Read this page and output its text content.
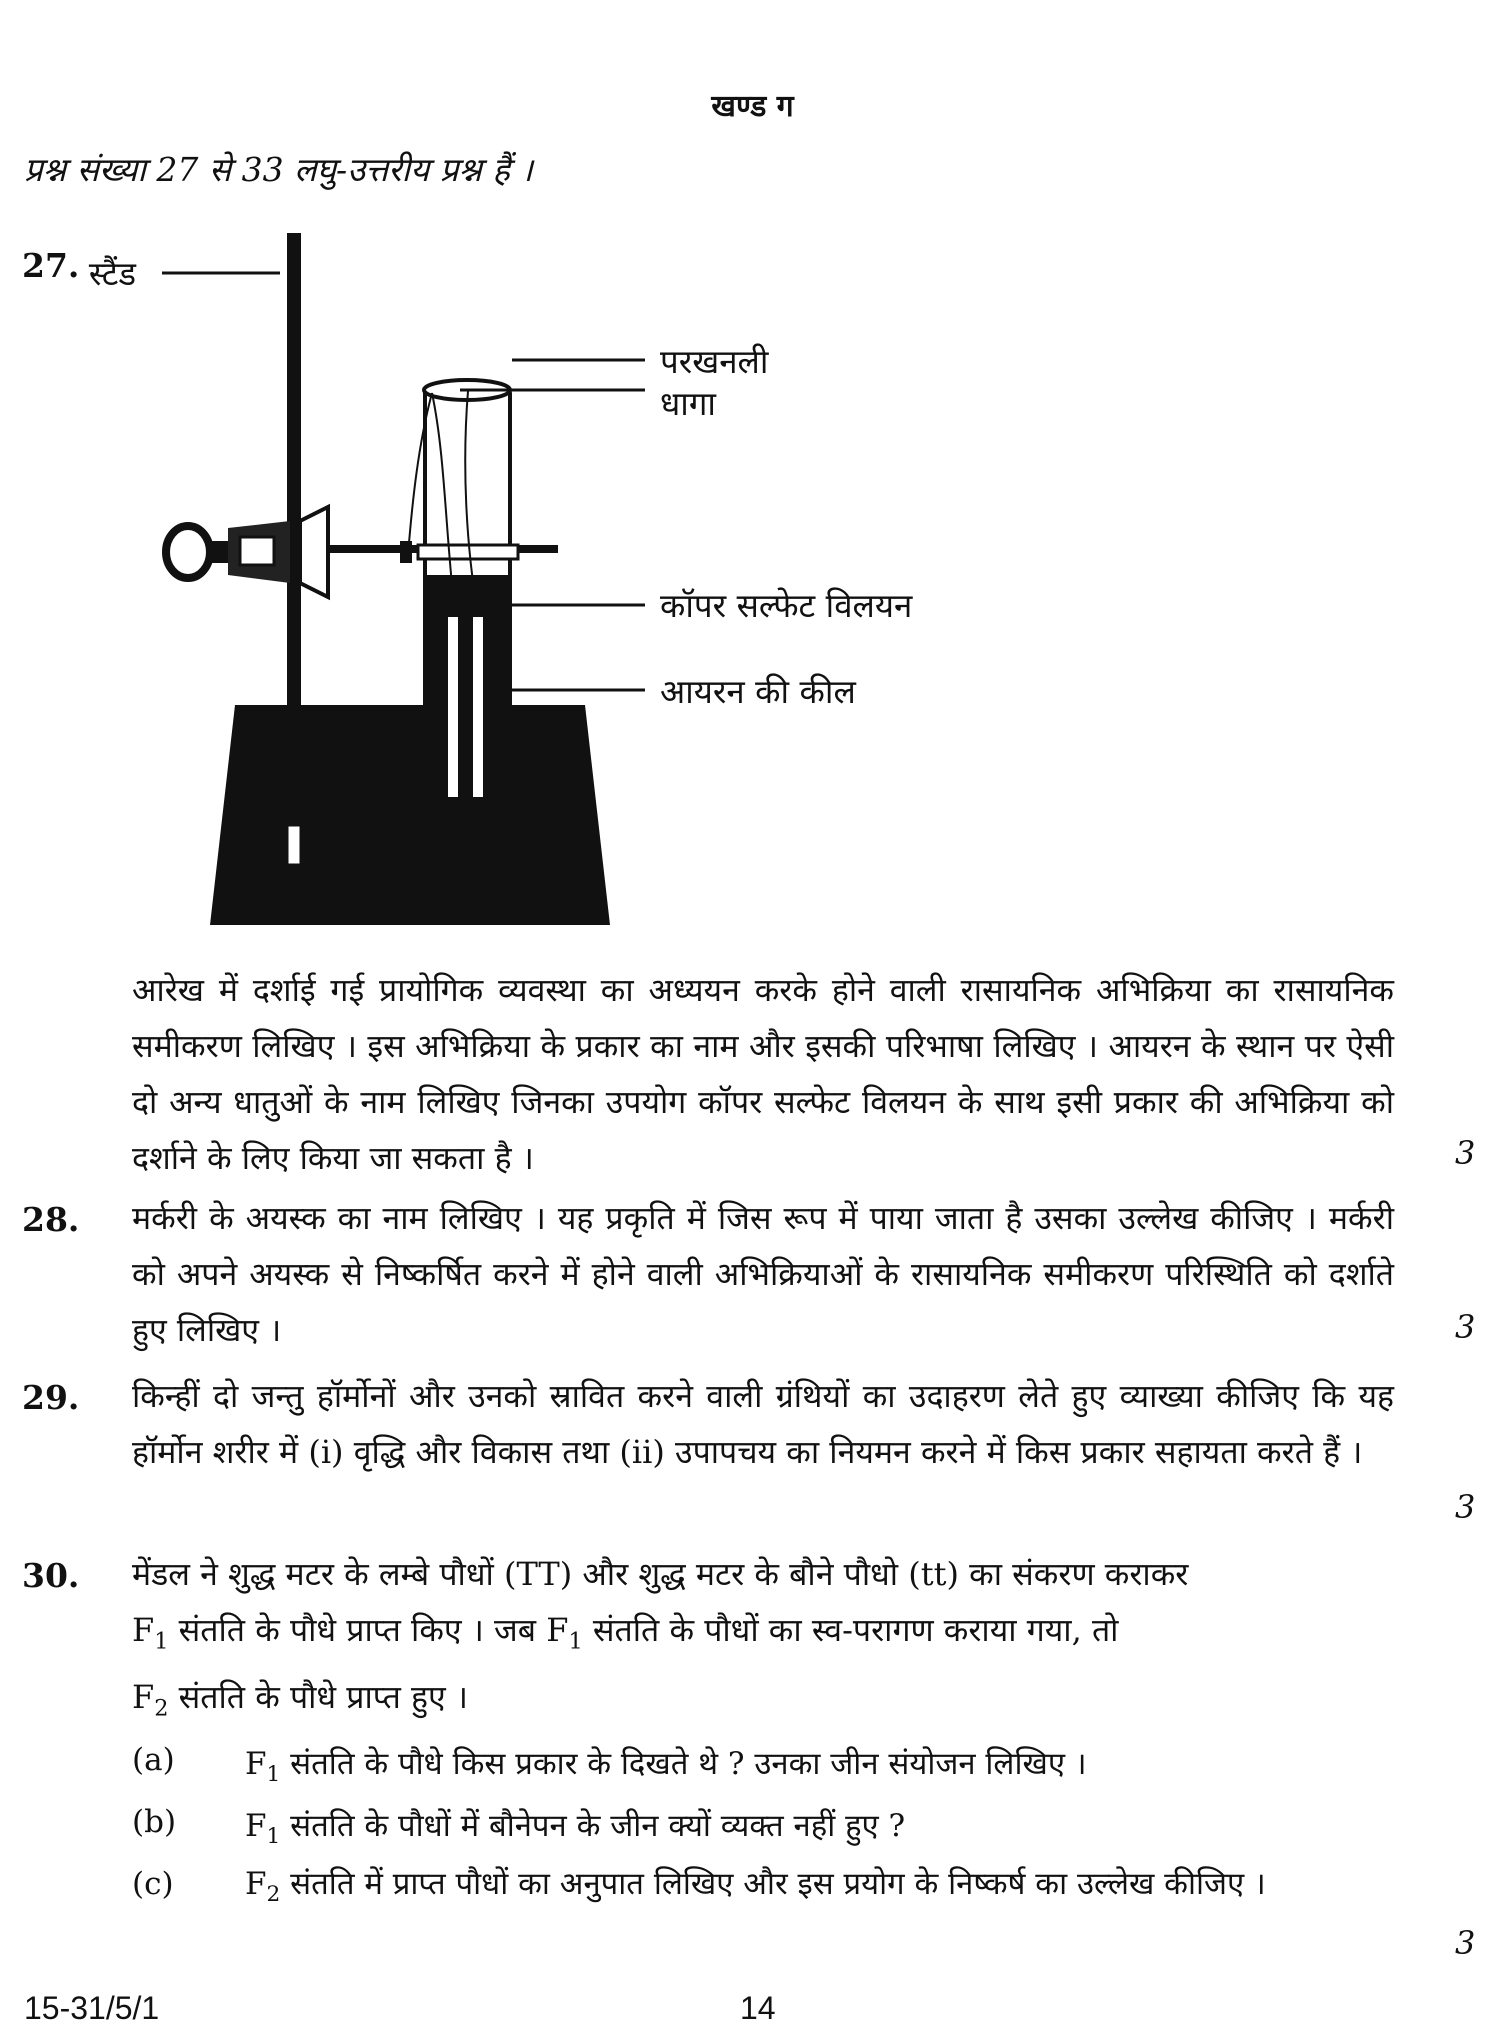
खण्ड ग
प्रश्न संख्या 27 से 33 लघु-उत्तरीय प्रश्न हैं ।
27. स्टैंड
परखनली
धागा
कॉपर सल्फेट विलयन
आयरन की कील
आरेख में दर्शाई गई प्रायोगिक व्यवस्था का अध्ययन करके होने वाली रासायनिक अभिक्रिया का रासायनिक समीकरण लिखिए । इस अभिक्रिया के प्रकार का नाम और इसकी परिभाषा लिखिए । आयरन के स्थान पर ऐसी दो अन्य धातुओं के नाम लिखिए जिनका उपयोग कॉपर सल्फेट विलयन के साथ इसी प्रकार की अभिक्रिया को दर्शाने के लिए किया जा सकता है ।	3
28. मर्करी के अयस्क का नाम लिखिए । यह प्रकृति में जिस रूप में पाया जाता है उसका उल्लेख कीजिए । मर्करी को अपने अयस्क से निष्कर्षित करने में होने वाली अभिक्रियाओं के रासायनिक समीकरण परिस्थिति को दर्शाते हुए लिखिए ।	3
29. किन्हीं दो जन्तु हॉर्मोनों और उनको स्रावित करने वाली ग्रंथियों का उदाहरण लेते हुए व्याख्या कीजिए कि यह हॉर्मोन शरीर में (i) वृद्धि और विकास तथा (ii) उपापचय का नियमन करने में किस प्रकार सहायता करते हैं ।
3
30. मेंडल ने शुद्ध मटर के लम्बे पौधों (TT) और शुद्ध मटर के बौने पौधो (tt) का संकरण कराकर
$F_1$ संतति के पौधे प्राप्त किए । जब $F_1$ संतति के पौधों का स्व-परागण कराया गया, तो
$F_2$ संतति के पौधे प्राप्त हुए ।
(a) $F_1$ संतति के पौधे किस प्रकार के दिखते थे ? उनका जीन संयोजन लिखिए ।
(b) $F_1$ संतति के पौधों में बौनेपन के जीन क्यों व्यक्त नहीं हुए ?
(c) $F_2$ संतति में प्राप्त पौधों का अनुपात लिखिए और इस प्रयोग के निष्कर्ष का उल्लेख कीजिए ।
3
15-31/5/1	14
